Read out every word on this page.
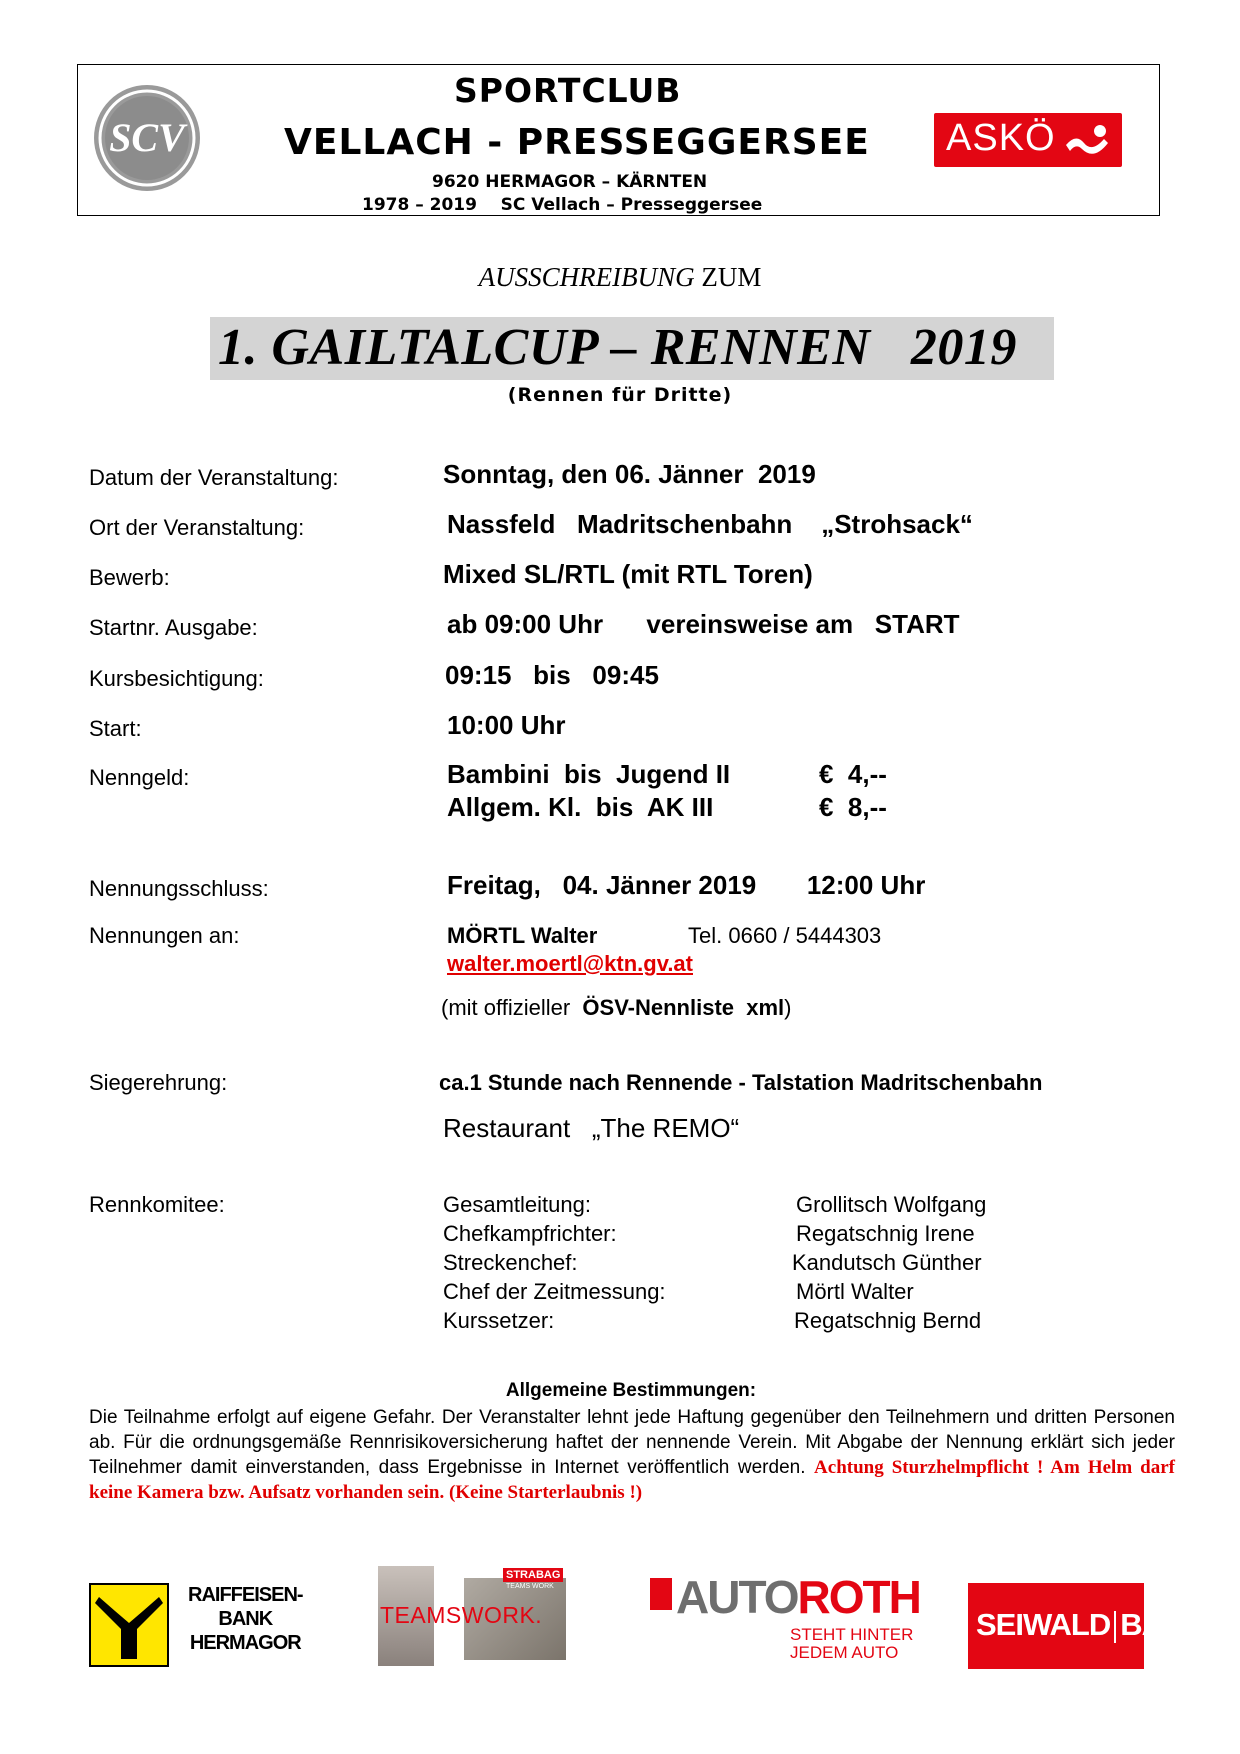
SCV
SPORTCLUB
VELLACH - PRESSEGGERSEE
9620 HERMAGOR – KÄRNTEN
1978 – 2019    SC Vellach – Presseggersee
ASKÖ
AUSSCHREIBUNG ZUM
1. GAILTALCUP – RENNEN   2019
(Rennen für Dritte)
Datum der Veranstaltung:	Sonntag, den 06. Jänner  2019
Ort der Veranstaltung:	Nassfeld   Madritschenbahn    „Strohsack“
Bewerb:	Mixed SL/RTL (mit RTL Toren)
Startnr. Ausgabe:	ab 09:00 Uhr      vereinsweise am   START
Kursbesichtigung:	09:15   bis   09:45
Start:	10:00 Uhr
Nenngeld:	Bambini  bis  Jugend II	€  4,--
Allgem. Kl.  bis  AK III	€  8,--
Nennungsschluss:	Freitag,   04. Jänner 2019       12:00 Uhr
Nennungen an:	MÖRTL Walter	Tel. 0660 / 5444303
walter.moertl@ktn.gv.at
(mit offizieller  ÖSV-Nennliste  xml)
Siegerehrung:	ca.1 Stunde nach Rennende - Talstation Madritschenbahn
Restaurant   „The REMO“
Rennkomitee:	Gesamtleitung:	Grollitsch Wolfgang
Chefkampfrichter:	Regatschnig Irene
Streckenchef:	Kandutsch Günther
Chef der Zeitmessung:	Mörtl Walter
Kurssetzer:	Regatschnig Bernd
Allgemeine Bestimmungen:
Die Teilnahme erfolgt auf eigene Gefahr. Der Veranstalter lehnt jede Haftung gegenüber den Teilnehmern und dritten Personen ab. Für die ordnungsgemäße Rennrisikoversicherung haftet der nennende Verein. Mit Abgabe der Nennung erklärt sich jeder Teilnehmer damit einverstanden, dass Ergebnisse in Internet veröffentlich werden. Achtung Sturzhelmpflicht ! Am Helm darf keine Kamera bzw. Aufsatz vorhanden sein. (Keine Starterlaubnis !)
RAIFFEISEN-
BANK
HERMAGOR
STRABAG
TEAMS WORK
TEAMSWORK.	AUTOROTH
STEHT HINTER
JEDEM AUTO
SEIWALD BAU
